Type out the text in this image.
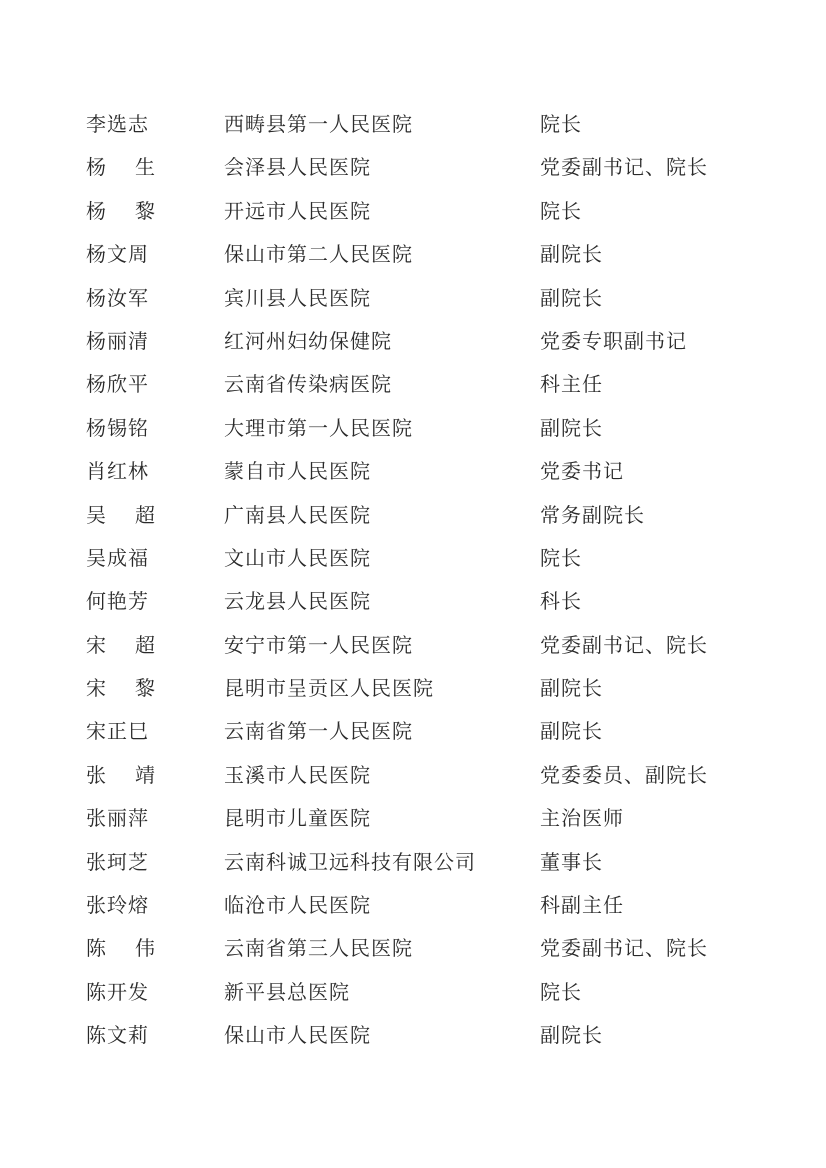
李选志	西畴县第一人民医院	院长
杨生	会泽县人民医院	党委副书记、院长
杨黎	开远市人民医院	院长
杨文周	保山市第二人民医院	副院长
杨汝军	宾川县人民医院	副院长
杨丽清	红河州妇幼保健院	党委专职副书记
杨欣平	云南省传染病医院	科主任
杨锡铭	大理市第一人民医院	副院长
肖红林	蒙自市人民医院	党委书记
吴超	广南县人民医院	常务副院长
吴成福	文山市人民医院	院长
何艳芳	云龙县人民医院	科长
宋超	安宁市第一人民医院	党委副书记、院长
宋黎	昆明市呈贡区人民医院	副院长
宋正巳	云南省第一人民医院	副院长
张靖	玉溪市人民医院	党委委员、副院长
张丽萍	昆明市儿童医院	主治医师
张珂芝	云南科诚卫远科技有限公司	董事长
张玲熔	临沧市人民医院	科副主任
陈伟	云南省第三人民医院	党委副书记、院长
陈开发	新平县总医院	院长
陈文莉	保山市人民医院	副院长
